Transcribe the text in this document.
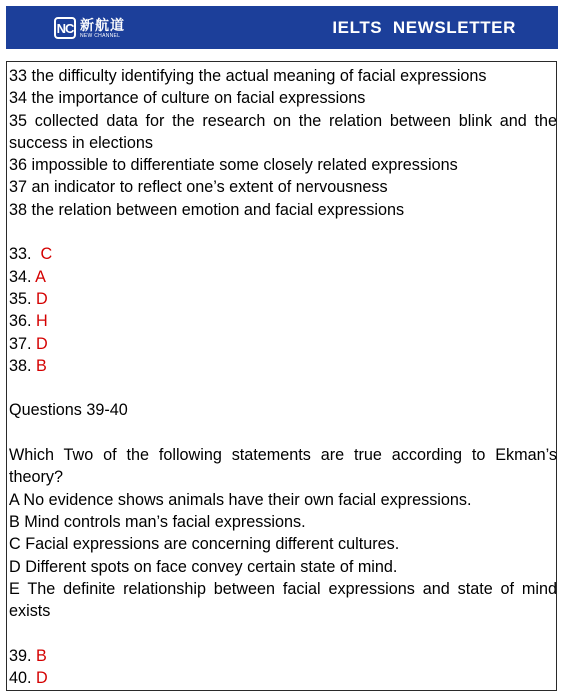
NC 新航道
NEW CHANNEL	IELTS  NEWSLETTER
33 the difficulty identifying the actual meaning of facial expressions
34 the importance of culture on facial expressions
35 collected data for the research on the relation between blink and the success in elections
36 impossible to differentiate some closely related expressions
37 an indicator to reflect one’s extent of nervousness
38 the relation between emotion and facial expressions
33.  C
34. A
35. D
36. H
37. D
38. B
Questions 39-40
Which Two of the following statements are true according to Ekman’s theory?
A No evidence shows animals have their own facial expressions.
B Mind controls man’s facial expressions.
C Facial expressions are concerning different cultures.
D Different spots on face convey certain state of mind.
E The definite relationship between facial expressions and state of mind exists
39. B
40. D
